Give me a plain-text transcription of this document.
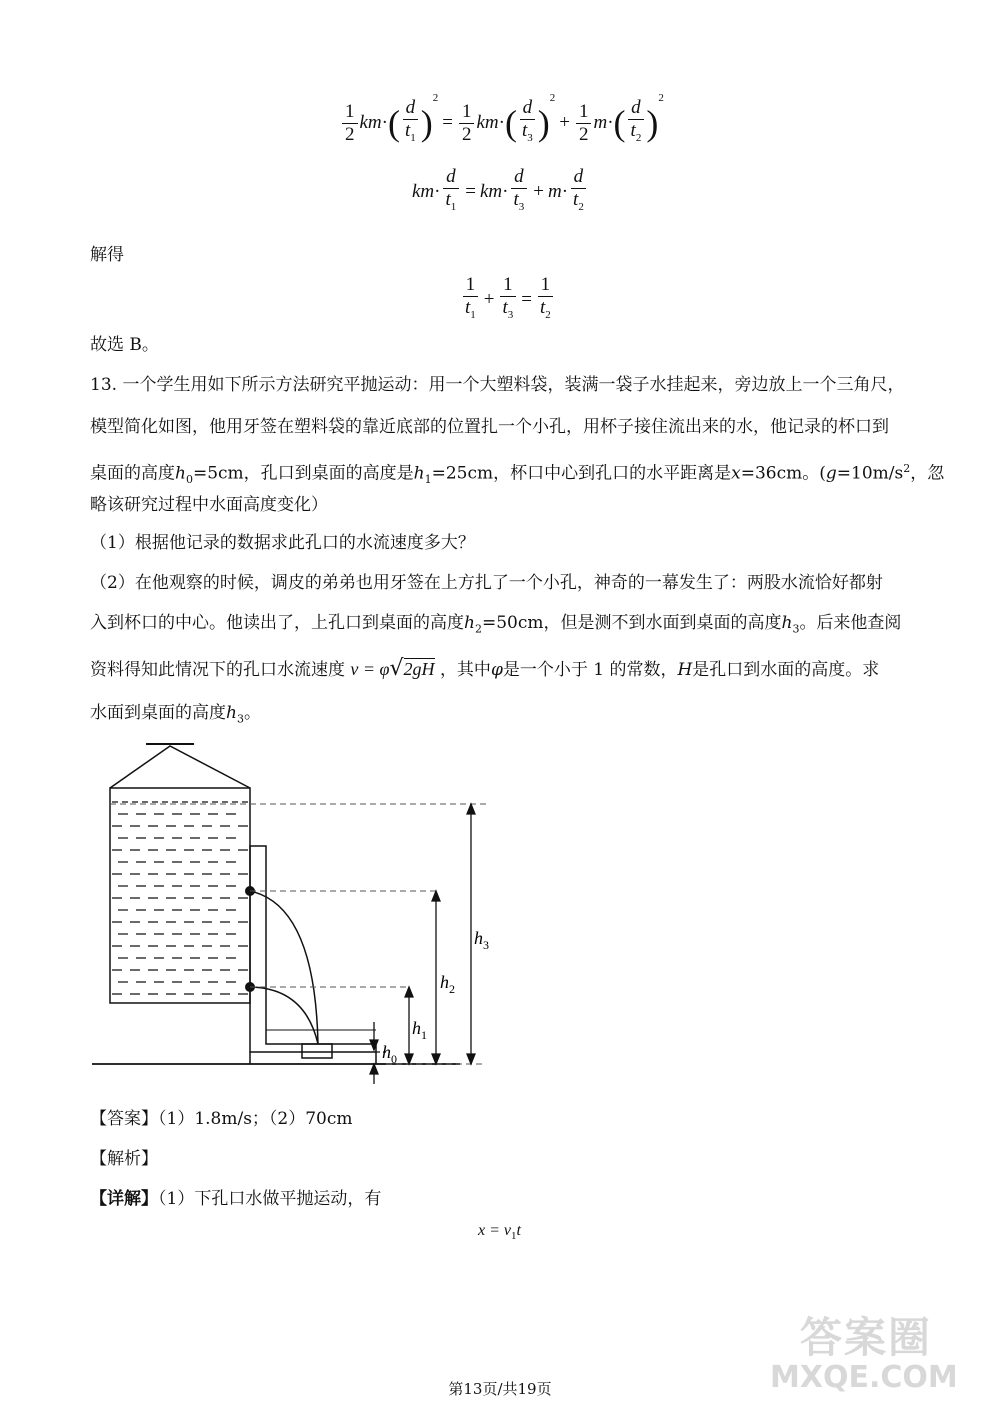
$\frac{1}{2}$ km · ( $\frac{d}{t_1}$ )
$^2$
= $\frac{1}{2}$ km · ( $\frac{d}{t_3}$ )
$^2$
+ $\frac{1}{2}$ m · ( $\frac{d}{t_2}$ )
$^2$
km · $\frac{d}{t_1}$ = km · $\frac{d}{t_3} + m \cdot \frac{d}{t_2}$
解得
$\frac{1}{t_1} + \frac{1}{t_3} = \frac{1}{t_2}$
故选 B。
13. 一个学生用如下所示方法研究平抛运动：用一个大塑料袋，装满一袋子水挂起来，旁边放上一个三角尺，
模型简化如图，他用牙签在塑料袋的靠近底部的位置扎一个小孔，用杯子接住流出来的水，他记录的杯口到
桌面的高度$h_0=5cm$，孔口到桌面的高度是$h_1=25cm$，杯口中心到孔口的水平距离是x=36cm。($g=10m/s^2$，忽
略该研究过程中水面高度变化）
（1）根据他记录的数据求此孔口的水流速度多大？
（2）在他观察的时候，调皮的弟弟也用牙签在上方扎了一个小孔，神奇的一幕发生了：两股水流恰好都射
入到杯口的中心。他读出了，上孔口到桌面的高度$h_2=50cm$，但是测不到水面到桌面的高度$h_3$。后来他查阅
资料得知此情况下的孔口水流速度 v = φ√2gH ，其中φ是一个小于 1 的常数，H是孔口到水面的高度。求
水面到桌面的高度$h_3$。
$h_3$
$h_2$
$h_1$
$h_0$
【答案】（1）1.8m/s；（2）70cm
【解析】
【详解】（1）下孔口水做平抛运动，有
$x = v_1t$
答案圈
MXQE.COM
第13页/共19页
